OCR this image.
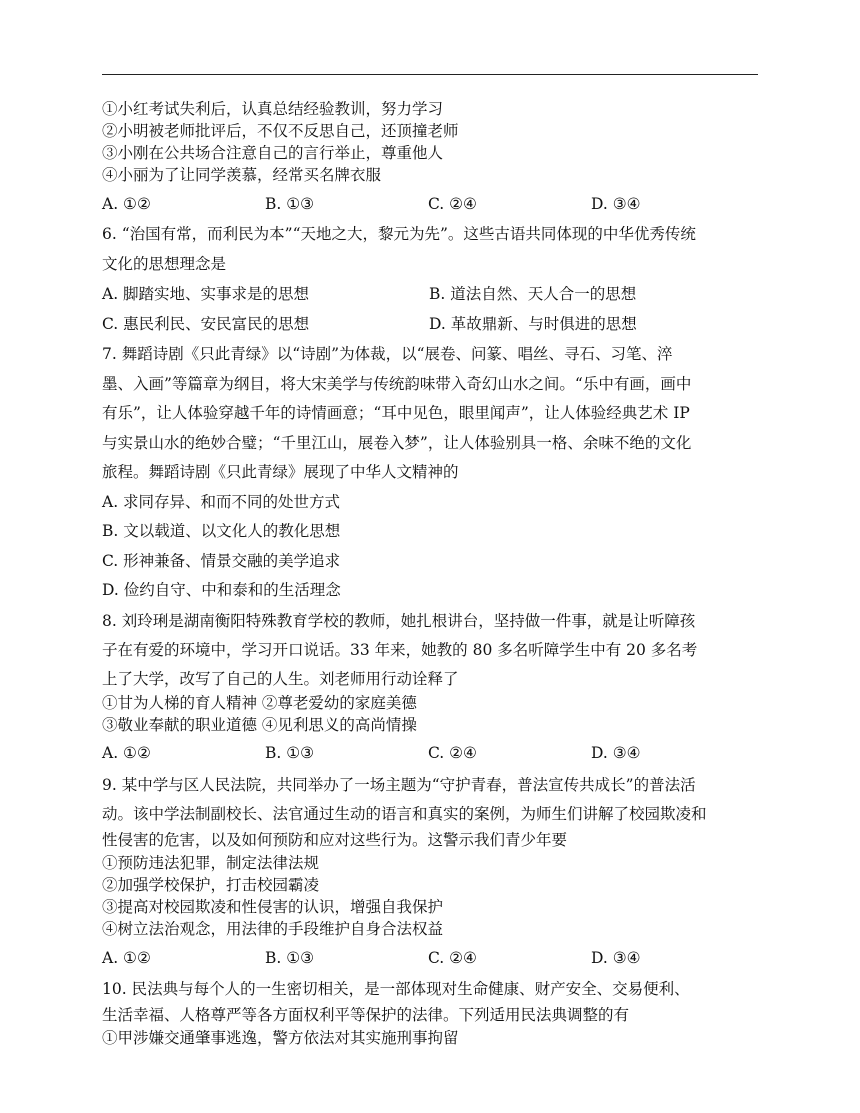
①小红考试失利后，认真总结经验教训，努力学习
②小明被老师批评后，不仅不反思自己，还顶撞老师
③小刚在公共场合注意自己的言行举止，尊重他人
④小丽为了让同学羡慕，经常买名牌衣服
A. ①②	B. ①③	C. ②④	D. ③④
6. “治国有常，而利民为本”“天地之大，黎元为先”。这些古语共同体现的中华优秀传统
文化的思想理念是
A. 脚踏实地、实事求是的思想	B. 道法自然、天人合一的思想
C. 惠民利民、安民富民的思想	D. 革故鼎新、与时俱进的思想
7. 舞蹈诗剧《只此青绿》以“诗剧”为体裁，以“展卷、问篆、唱丝、寻石、习笔、淬
墨、入画”等篇章为纲目，将大宋美学与传统韵味带入奇幻山水之间。“乐中有画，画中
有乐”，让人体验穿越千年的诗情画意；“耳中见色，眼里闻声”，让人体验经典艺术 IP
与实景山水的绝妙合璧；“千里江山，展卷入梦”，让人体验别具一格、余味不绝的文化
旅程。舞蹈诗剧《只此青绿》展现了中华人文精神的
A. 求同存异、和而不同的处世方式
B. 文以载道、以文化人的教化思想
C. 形神兼备、情景交融的美学追求
D. 俭约自守、中和泰和的生活理念
8. 刘玲琍是湖南衡阳特殊教育学校的教师，她扎根讲台，坚持做一件事，就是让听障孩
子在有爱的环境中，学习开口说话。33 年来，她教的 80 多名听障学生中有 20 多名考
上了大学，改写了自己的人生。刘老师用行动诠释了
①甘为人梯的育人精神 ②尊老爱幼的家庭美德
③敬业奉献的职业道德 ④见利思义的高尚情操
A. ①②	B. ①③	C. ②④	D. ③④
9. 某中学与区人民法院，共同举办了一场主题为“守护青春，普法宣传共成长”的普法活
动。该中学法制副校长、法官通过生动的语言和真实的案例，为师生们讲解了校园欺凌和
性侵害的危害，以及如何预防和应对这些行为。这警示我们青少年要
①预防违法犯罪，制定法律法规
②加强学校保护，打击校园霸凌
③提高对校园欺凌和性侵害的认识，增强自我保护
④树立法治观念，用法律的手段维护自身合法权益
A. ①②	B. ①③	C. ②④	D. ③④
10. 民法典与每个人的一生密切相关，是一部体现对生命健康、财产安全、交易便利、
生活幸福、人格尊严等各方面权利平等保护的法律。下列适用民法典调整的有
①甲涉嫌交通肇事逃逸，警方依法对其实施刑事拘留
